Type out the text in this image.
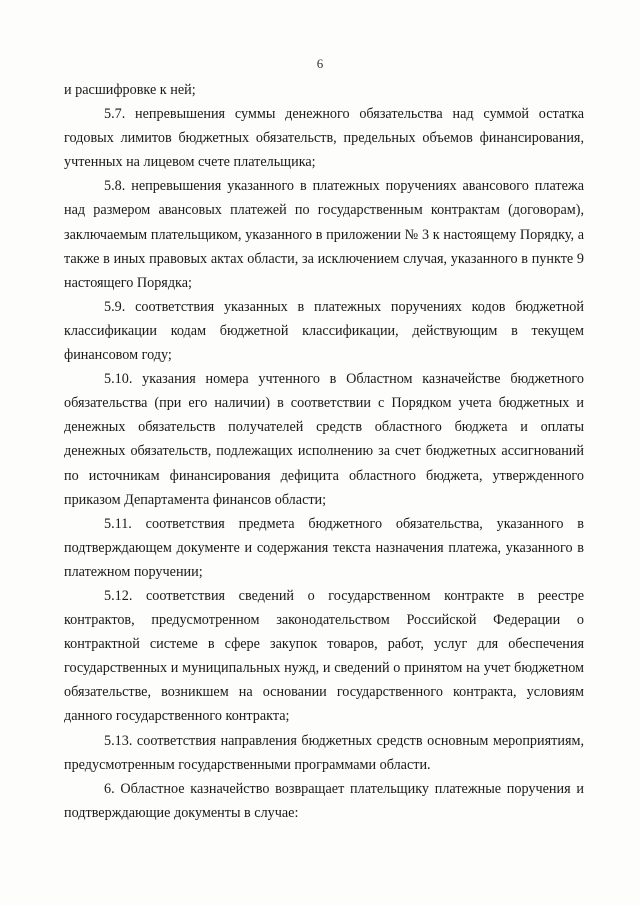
6

и расшифровке к ней;

5.7. непревышения суммы денежного обязательства над суммой остатка годовых лимитов бюджетных обязательств, предельных объемов финансирования, учтенных на лицевом счете плательщика;

5.8. непревышения указанного в платежных поручениях авансового платежа над размером авансовых платежей по государственным контрактам (договорам), заключаемым плательщиком, указанного в приложении № 3 к настоящему Порядку, а также в иных правовых актах области, за исключением случая, указанного в пункте 9 настоящего Порядка;

5.9. соответствия указанных в платежных поручениях кодов бюджетной классификации кодам бюджетной классификации, действующим в текущем финансовом году;

5.10. указания номера учтенного в Областном казначействе бюджетного обязательства (при его наличии) в соответствии с Порядком учета бюджетных и денежных обязательств получателей средств областного бюджета и оплаты денежных обязательств, подлежащих исполнению за счет бюджетных ассигнований по источникам финансирования дефицита областного бюджета, утвержденного приказом Департамента финансов области;

5.11. соответствия предмета бюджетного обязательства, указанного в подтверждающем документе и содержания текста назначения платежа, указанного в платежном поручении;

5.12. соответствия сведений о государственном контракте в реестре контрактов, предусмотренном законодательством Российской Федерации о контрактной системе в сфере закупок товаров, работ, услуг для обеспечения государственных и муниципальных нужд, и сведений о принятом на учет бюджетном обязательстве, возникшем на основании государственного контракта, условиям данного государственного контракта;

5.13. соответствия направления бюджетных средств основным мероприятиям, предусмотренным государственными программами области.

6. Областное казначейство возвращает плательщику платежные поручения и подтверждающие документы в случае:
